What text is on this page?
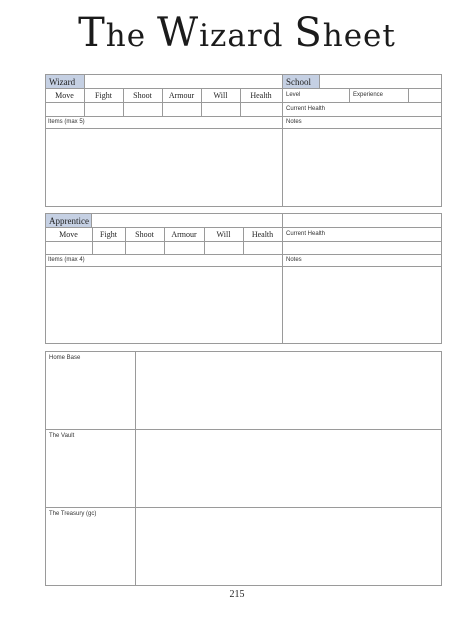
The Wizard Sheet
Wizard	School
Move	Fight	Shoot	Armour	Will	Health	Level	Experience
Current Health
Items (max 5)	Notes
Apprentice
Move	Fight	Shoot	Armour	Will	Health	Current Health
Items (max 4)	Notes
Home Base
The Vault
The Treasury (gc)
215
